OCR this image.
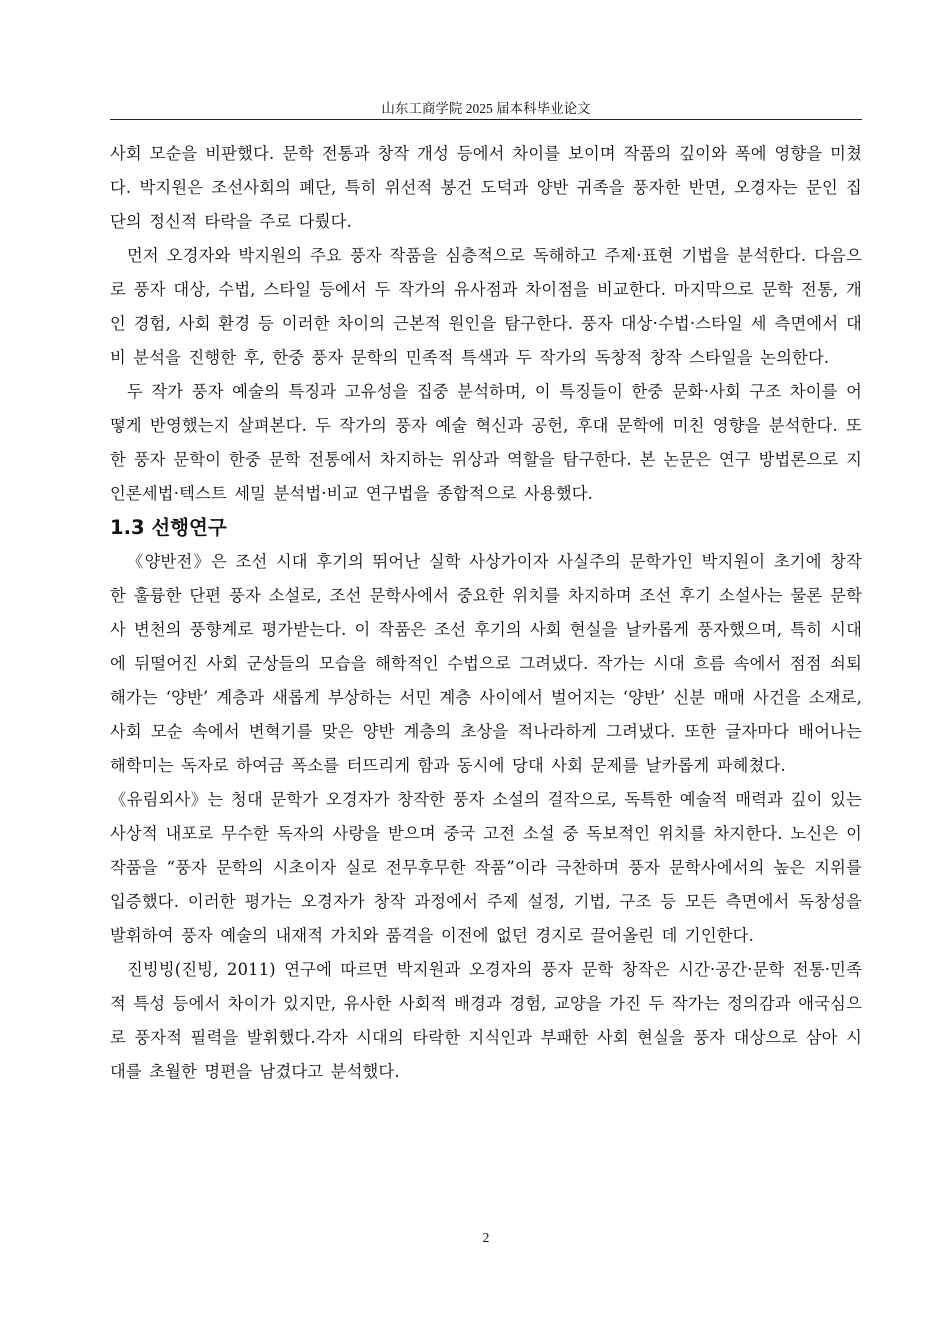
山东工商学院 2025 届本科毕业论文

사회 모순을 비판했다. 문학 전통과 창작 개성 등에서 차이를 보이며 작품의 깊이와 폭에 영향을 미쳤다. 박지원은 조선사회의 폐단, 특히 위선적 봉건 도덕과 양반 귀족을 풍자한 반면, 오경자는 문인 집단의 정신적 타락을 주로 다뤘다.

먼저 오경자와 박지원의 주요 풍자 작품을 심층적으로 독해하고 주제·표현 기법을 분석한다. 다음으로 풍자 대상, 수법, 스타일 등에서 두 작가의 유사점과 차이점을 비교한다. 마지막으로 문학 전통, 개인 경험, 사회 환경 등 이러한 차이의 근본적 원인을 탐구한다. 풍자 대상·수법·스타일 세 측면에서 대비 분석을 진행한 후, 한중 풍자 문학의 민족적 특색과 두 작가의 독창적 창작 스타일을 논의한다.

두 작가 풍자 예술의 특징과 고유성을 집중 분석하며, 이 특징들이 한중 문화·사회 구조 차이를 어떻게 반영했는지 살펴본다. 두 작가의 풍자 예술 혁신과 공헌, 후대 문학에 미친 영향을 분석한다. 또한 풍자 문학이 한중 문학 전통에서 차지하는 위상과 역할을 탐구한다. 본 논문은 연구 방법론으로 지인론세법·텍스트 세밀 분석법·비교 연구법을 종합적으로 사용했다.

1.3 선행연구

《양반전》은 조선 시대 후기의 뛰어난 실학 사상가이자 사실주의 문학가인 박지원이 초기에 창작한 훌륭한 단편 풍자 소설로, 조선 문학사에서 중요한 위치를 차지하며 조선 후기 소설사는 물론 문학사 변천의 풍향계로 평가받는다. 이 작품은 조선 후기의 사회 현실을 날카롭게 풍자했으며, 특히 시대에 뒤떨어진 사회 군상들의 모습을 해학적인 수법으로 그려냈다. 작가는 시대 흐름 속에서 점점 쇠퇴해가는 ‘양반’ 계층과 새롭게 부상하는 서민 계층 사이에서 벌어지는 ‘양반’ 신분 매매 사건을 소재로, 사회 모순 속에서 변혁기를 맞은 양반 계층의 초상을 적나라하게 그려냈다. 또한 글자마다 배어나는 해학미는 독자로 하여금 폭소를 터뜨리게 함과 동시에 당대 사회 문제를 날카롭게 파헤쳤다.

《유림외사》는 청대 문학가 오경자가 창작한 풍자 소설의 걸작으로, 독특한 예술적 매력과 깊이 있는 사상적 내포로 무수한 독자의 사랑을 받으며 중국 고전 소설 중 독보적인 위치를 차지한다. 노신은 이 작품을 “풍자 문학의 시초이자 실로 전무후무한 작품”이라 극찬하며 풍자 문학사에서의 높은 지위를 입증했다. 이러한 평가는 오경자가 창작 과정에서 주제 설정, 기법, 구조 등 모든 측면에서 독창성을 발휘하여 풍자 예술의 내재적 가치와 품격을 이전에 없던 경지로 끌어올린 데 기인한다.

진빙빙(진빙, 2011) 연구에 따르면 박지원과 오경자의 풍자 문학 창작은 시간·공간·문학 전통·민족적 특성 등에서 차이가 있지만, 유사한 사회적 배경과 경험, 교양을 가진 두 작가는 정의감과 애국심으로 풍자적 필력을 발휘했다.각자 시대의 타락한 지식인과 부패한 사회 현실을 풍자 대상으로 삼아 시대를 초월한 명편을 남겼다고 분석했다.

2
